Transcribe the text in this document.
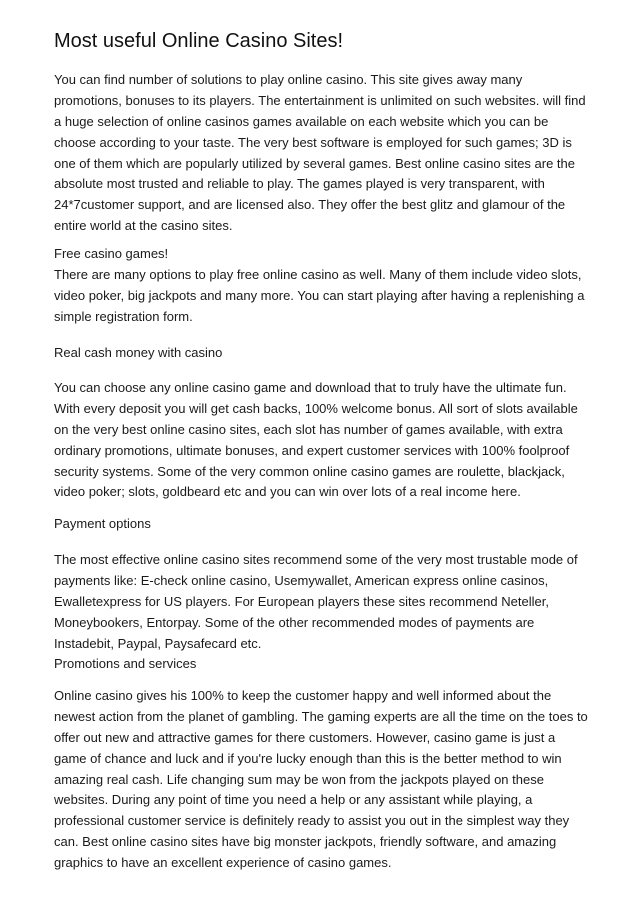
Most useful Online Casino Sites!

You can find number of solutions to play online casino. This site gives away many
promotions, bonuses to its players. The entertainment is unlimited on such websites. will find
a huge selection of online casinos games available on each website which you can be
choose according to your taste. The very best software is employed for such games; 3D is
one of them which are popularly utilized by several games. Best online casino sites are the
absolute most trusted and reliable to play. The games played is very transparent, with
24*7customer support, and are licensed also. They offer the best glitz and glamour of the
entire world at the casino sites.

Free casino games!
There are many options to play free online casino as well. Many of them include video slots,
video poker, big jackpots and many more. You can start playing after having a replenishing a
simple registration form.

Real cash money with casino

You can choose any online casino game and download that to truly have the ultimate fun.
With every deposit you will get cash backs, 100% welcome bonus. All sort of slots available
on the very best online casino sites, each slot has number of games available, with extra
ordinary promotions, ultimate bonuses, and expert customer services with 100% foolproof
security systems. Some of the very common online casino games are roulette, blackjack,
video poker; slots, goldbeard etc and you can win over lots of a real income here.

Payment options

The most effective online casino sites recommend some of the very most trustable mode of
payments like: E-check online casino, Usemywallet, American express online casinos,
Ewalletexpress for US players. For European players these sites recommend Neteller,
Moneybookers, Entorpay. Some of the other recommended modes of payments are
Instadebit, Paypal, Paysafecard etc.
Promotions and services

Online casino gives his 100% to keep the customer happy and well informed about the
newest action from the planet of gambling. The gaming experts are all the time on the toes to
offer out new and attractive games for there customers. However, casino game is just a
game of chance and luck and if you're lucky enough than this is the better method to win
amazing real cash. Life changing sum may be won from the jackpots played on these
websites. During any point of time you need a help or any assistant while playing, a
professional customer service is definitely ready to assist you out in the simplest way they
can. Best online casino sites have big monster jackpots, friendly software, and amazing
graphics to have an excellent experience of casino games.
